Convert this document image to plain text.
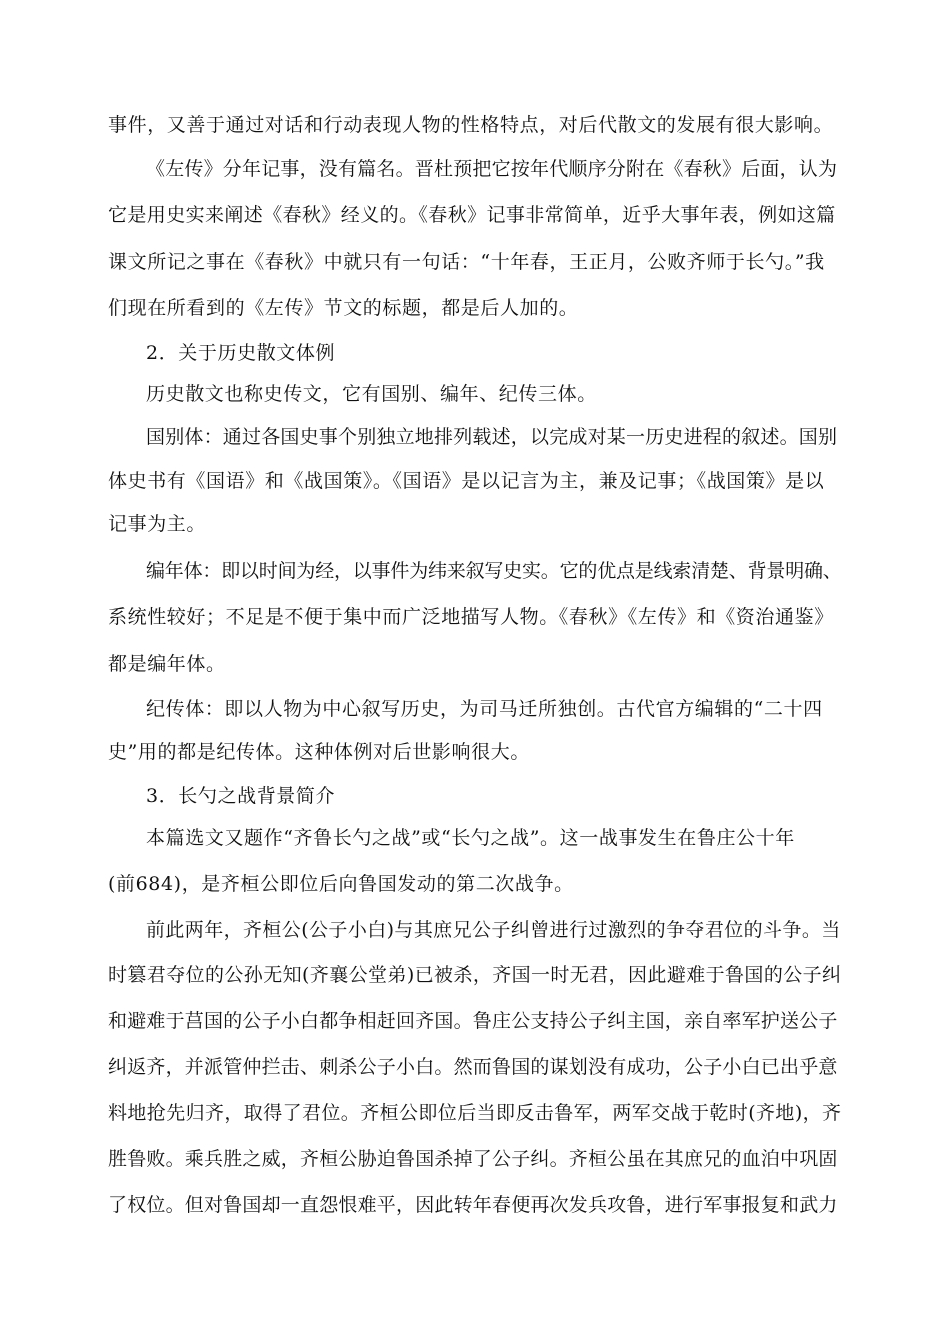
事件，又善于通过对话和行动表现人物的性格特点，对后代散文的发展有很大影响。
《左传》分年记事，没有篇名。晋杜预把它按年代顺序分附在《春秋》后面，认为
它是用史实来阐述《春秋》经义的。《春秋》记事非常简单，近乎大事年表，例如这篇
课文所记之事在《春秋》中就只有一句话：“十年春，王正月，公败齐师于长勺。”我
们现在所看到的《左传》节文的标题，都是后人加的。
2．关于历史散文体例
历史散文也称史传文，它有国别、编年、纪传三体。
国别体：通过各国史事个别独立地排列载述，以完成对某一历史进程的叙述。国别
体史书有《国语》和《战国策》。《国语》是以记言为主，兼及记事；《战国策》是以
记事为主。
编年体：即以时间为经，以事件为纬来叙写史实。它的优点是线索清楚、背景明确、
系统性较好；不足是不便于集中而广泛地描写人物。《春秋》《左传》和《资治通鉴》
都是编年体。
纪传体：即以人物为中心叙写历史，为司马迁所独创。古代官方编辑的“二十四
史”用的都是纪传体。这种体例对后世影响很大。
3．长勺之战背景简介
本篇选文又题作“齐鲁长勺之战”或“长勺之战”。这一战事发生在鲁庄公十年
(前684)，是齐桓公即位后向鲁国发动的第二次战争。
前此两年，齐桓公(公子小白)与其庶兄公子纠曾进行过激烈的争夺君位的斗争。当
时篡君夺位的公孙无知(齐襄公堂弟)已被杀，齐国一时无君，因此避难于鲁国的公子纠
和避难于莒国的公子小白都争相赶回齐国。鲁庄公支持公子纠主国，亲自率军护送公子
纠返齐，并派管仲拦击、刺杀公子小白。然而鲁国的谋划没有成功，公子小白已出乎意
料地抢先归齐，取得了君位。齐桓公即位后当即反击鲁军，两军交战于乾时(齐地)，齐
胜鲁败。乘兵胜之威，齐桓公胁迫鲁国杀掉了公子纠。齐桓公虽在其庶兄的血泊中巩固
了权位。但对鲁国却一直怨恨难平，因此转年春便再次发兵攻鲁，进行军事报复和武力
